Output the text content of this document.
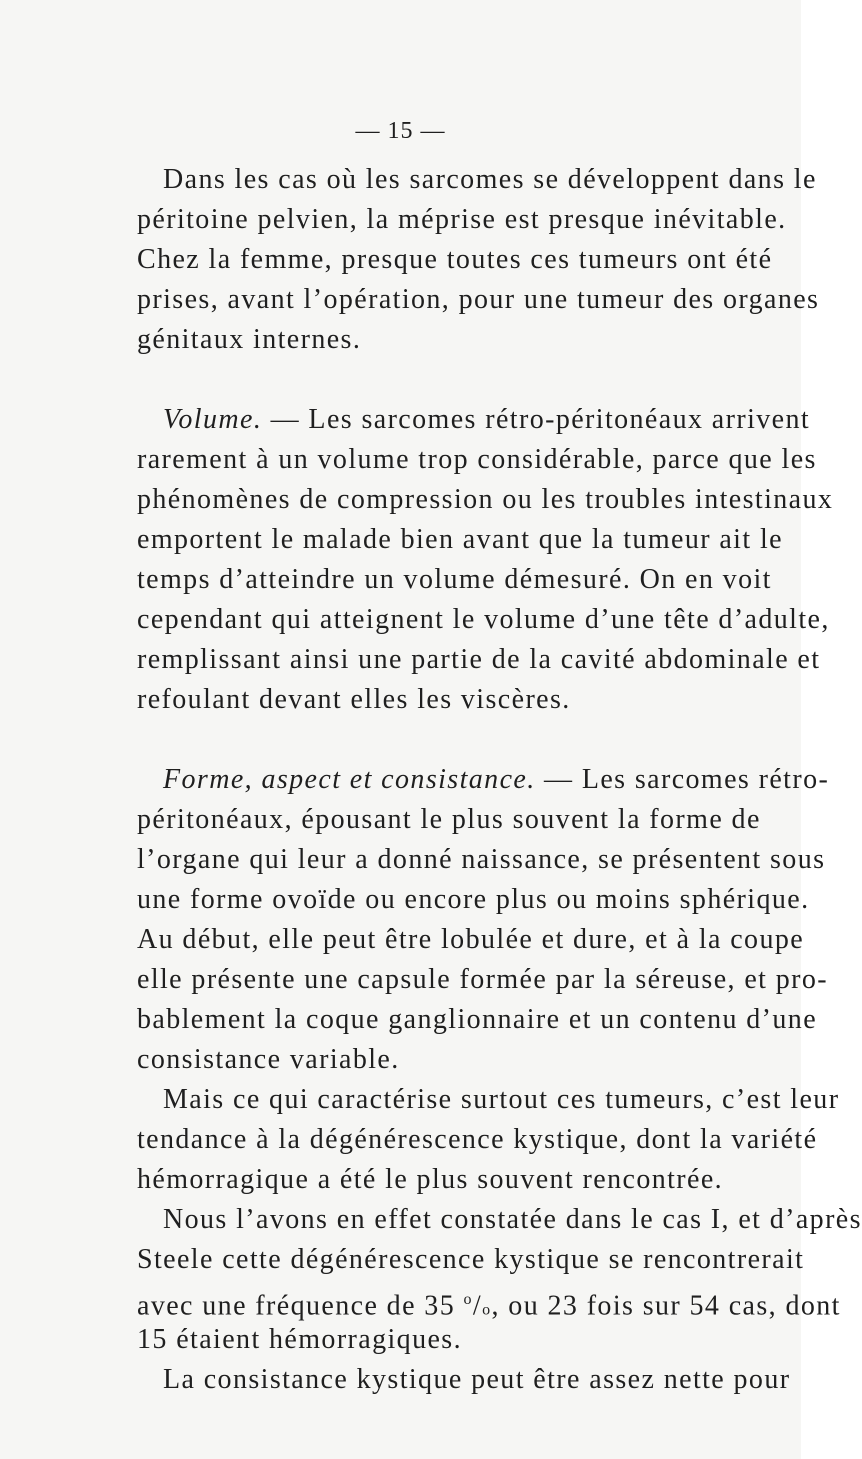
— 15 —
Dans les cas où les sarcomes se développent dans le
péritoine pelvien, la méprise est presque inévitable.
Chez la femme, presque toutes ces tumeurs ont été
prises, avant l’opération, pour une tumeur des organes
génitaux internes.
Volume. — Les sarcomes rétro-péritonéaux arrivent
rarement à un volume trop considérable, parce que les
phénomènes de compression ou les troubles intestinaux
emportent le malade bien avant que la tumeur ait le
temps d’atteindre un volume démesuré. On en voit
cependant qui atteignent le volume d’une tête d’adulte,
remplissant ainsi une partie de la cavité abdominale et
refoulant devant elles les viscères.
Forme, aspect et consistance. — Les sarcomes rétro-
péritonéaux, épousant le plus souvent la forme de
l’organe qui leur a donné naissance, se présentent sous
une forme ovoïde ou encore plus ou moins sphérique.
Au début, elle peut être lobulée et dure, et à la coupe
elle présente une capsule formée par la séreuse, et pro-
bablement la coque ganglionnaire et un contenu d’une
consistance variable.
Mais ce qui caractérise surtout ces tumeurs, c’est leur
tendance à la dégénérescence kystique, dont la variété
hémorragique a été le plus souvent rencontrée.
Nous l’avons en effet constatée dans le cas I, et d’après
Steele cette dégénérescence kystique se rencontrerait
avec une fréquence de 35 $^o$/o, ou 23 fois sur 54 cas, dont
15 étaient hémorragiques.
La consistance kystique peut être assez nette pour
